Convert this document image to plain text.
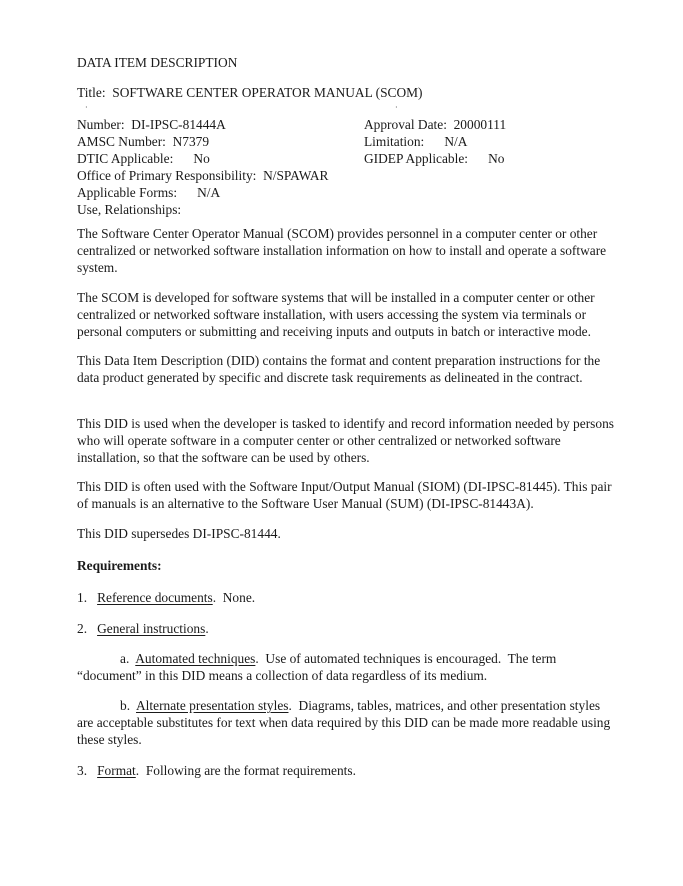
DATA ITEM DESCRIPTION
Title: SOFTWARE CENTER OPERATOR MANUAL (SCOM)
·	·
Number:  DI-IPSC-81444A
AMSC Number:  N7379
DTIC Applicable:      No
Office of Primary Responsibility:  N/SPAWAR
Applicable Forms:      N/A
Use, Relationships:
Approval Date:  20000111
Limitation:      N/A
GIDEP Applicable:      No
The Software Center Operator Manual (SCOM) provides personnel in a computer center or other centralized or networked software installation information on how to install and operate a software system.
The SCOM is developed for software systems that will be installed in a computer center or other centralized or networked software installation, with users accessing the system via terminals or personal computers or submitting and receiving inputs and outputs in batch or interactive mode.
This Data Item Description (DID) contains the format and content preparation instructions for the data product generated by specific and discrete task requirements as delineated in the contract.
This DID is used when the developer is tasked to identify and record information needed by persons who will operate software in a computer center or other centralized or networked software installation, so that the software can be used by others.
This DID is often used with the Software Input/Output Manual (SIOM) (DI-IPSC-81445). This pair of manuals is an alternative to the Software User Manual (SUM) (DI-IPSC-81443A).
This DID supersedes DI-IPSC-81444.
Requirements:
1. Reference documents.  None.
2. General instructions.
a. Automated techniques.  Use of automated techniques is encouraged.  The term “document” in this DID means a collection of data regardless of its medium.
b. Alternate presentation styles.  Diagrams, tables, matrices, and other presentation styles are acceptable substitutes for text when data required by this DID can be made more readable using these styles.
3. Format.  Following are the format requirements.
